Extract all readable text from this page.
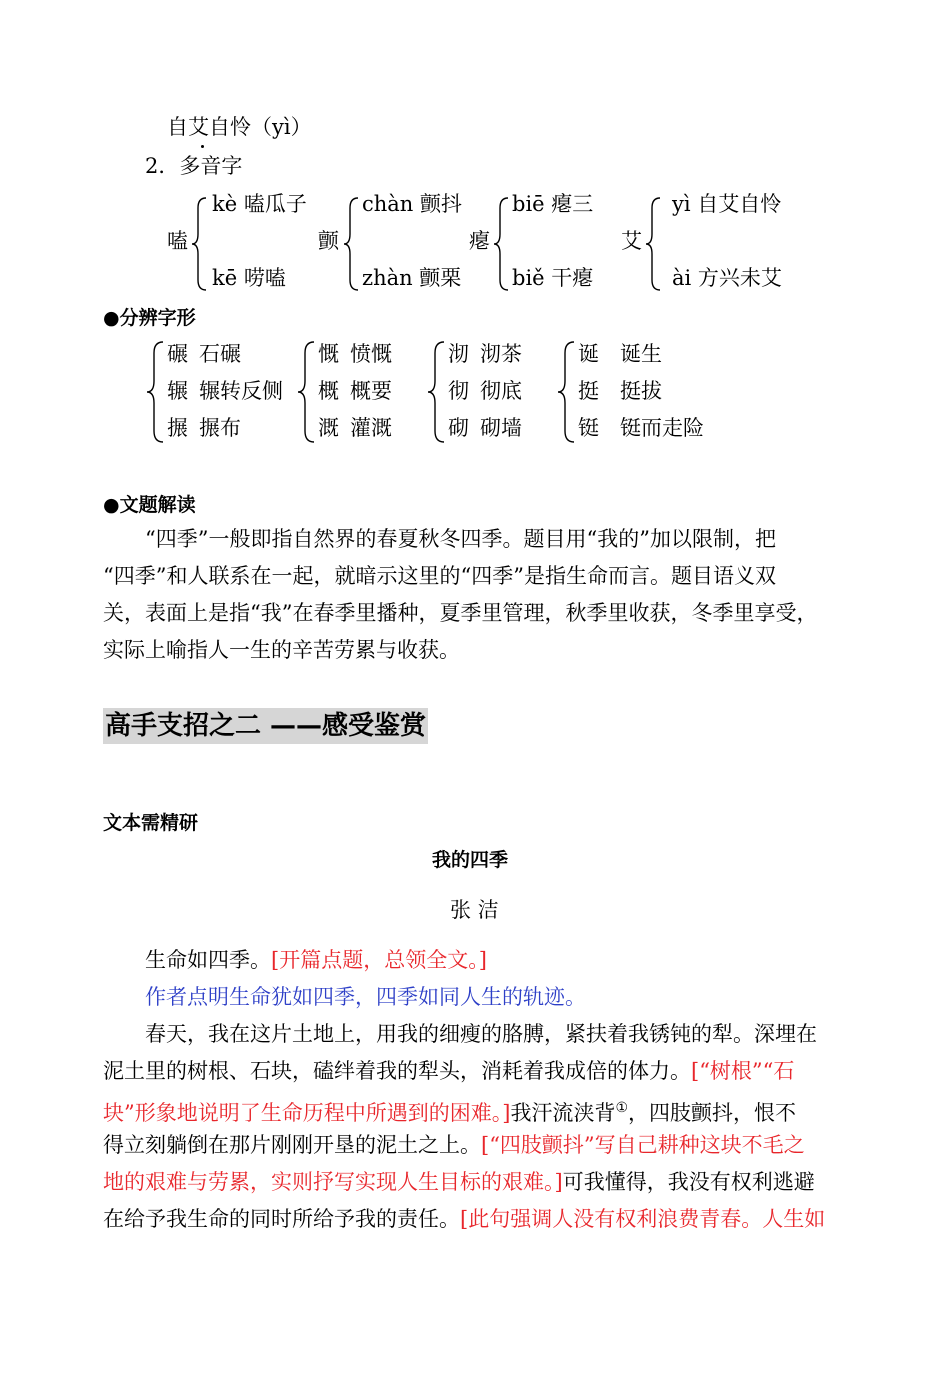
自艾自怜（yì）
2．多音字
嗑
kè 嗑瓜子
kē 唠嗑
颤
chàn 颤抖
zhàn 颤栗
瘪
biē 瘪三
biě 干瘪
艾
yì 自艾自怜
ài 方兴未艾
●分辨字形
碾 石碾
辗 辗转反侧
搌 搌布
慨 愤慨
概 概要
溉 灌溉
沏 沏茶
彻 彻底
砌 砌墙
诞 诞生
挺 挺拔
铤 铤而走险
●文题解读
“四季”一般即指自然界的春夏秋冬四季。题目用“我的”加以限制，把
“四季”和人联系在一起，就暗示这里的“四季”是指生命而言。题目语义双
关，表面上是指“我”在春季里播种，夏季里管理，秋季里收获，冬季里享受，
实际上喻指人一生的辛苦劳累与收获。
高手支招之二 ——感受鉴赏
文本需精研
我的四季
张 洁
生命如四季。[开篇点题，总领全文。]
作者点明生命犹如四季，四季如同人生的轨迹。
春天，我在这片土地上，用我的细瘦的胳膊，紧扶着我锈钝的犁。深埋在
泥土里的树根、石块，磕绊着我的犁头，消耗着我成倍的体力。[“树根”“石
块”形象地说明了生命历程中所遇到的困难。]我汗流浃背①，四肢颤抖，恨不
得立刻躺倒在那片刚刚开垦的泥土之上。[“四肢颤抖”写自己耕种这块不毛之
地的艰难与劳累，实则抒写实现人生目标的艰难。]可我懂得，我没有权利逃避
在给予我生命的同时所给予我的责任。[此句强调人没有权利浪费青春。人生如
